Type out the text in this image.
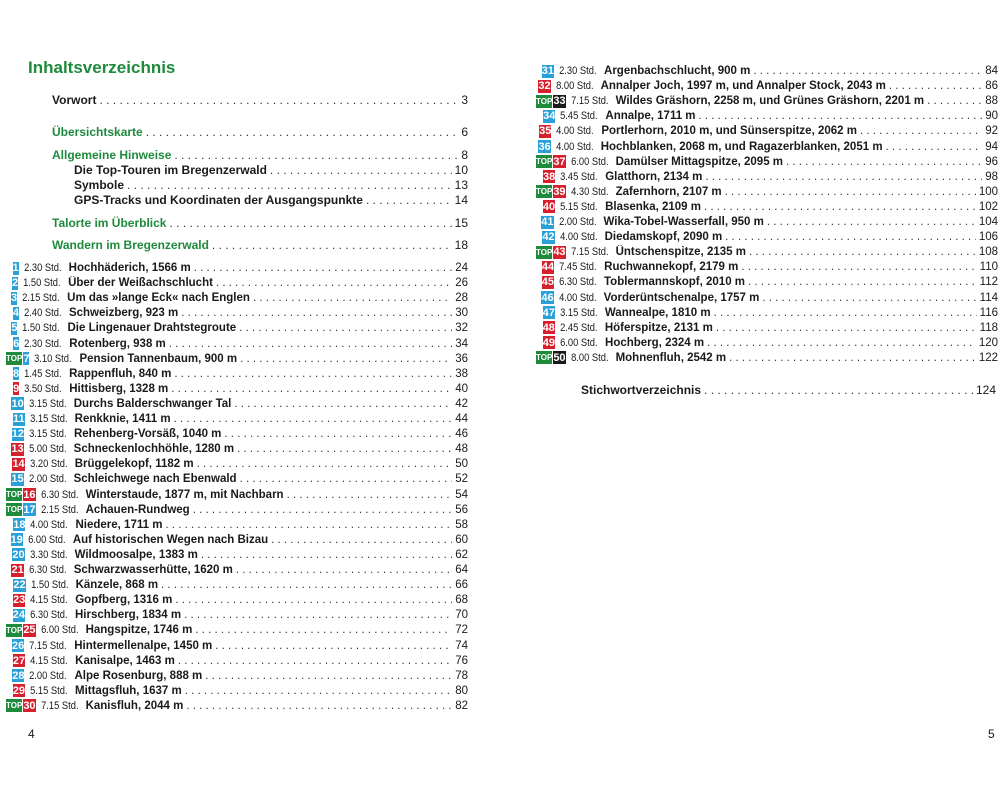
Inhaltsverzeichnis
Vorwort . . .	3
Übersichtskarte . . .	6
Allgemeine Hinweise . . .	8
Die Top-Touren im Bregenzerwald . . .	10
Symbole . . .	13
GPS-Tracks und Koordinaten der Ausgangspunkte . . .	14
Talorte im Überblick . . .	15
Wandern im Bregenzerwald . . .	18
1 2.30 Std. Hochhäderich, 1566 m . . .	24
2 1.50 Std. Über der Weißachschlucht . . .	26
3 2.15 Std. Um das »lange Eck« nach Englen . . .	28
4 2.40 Std. Schweizberg, 923 m . . .	30
5 1.50 Std. Die Lingenauer Drahtstegroute . . .	32
6 2.30 Std. Rotenberg, 938 m . . .	34
TOP 7 3.10 Std. Pension Tannenbaum, 900 m . . .	36
8 1.45 Std. Rappenfluh, 840 m . . .	38
9 3.50 Std. Hittisberg, 1328 m . . .	40
10 3.15 Std. Durchs Balderschwanger Tal . . .	42
11 3.15 Std. Renkknie, 1411 m . . .	44
12 3.15 Std. Rehenberg-Vorsäß, 1040 m . . .	46
13 5.00 Std. Schneckenlochhöhle, 1280 m . . .	48
14 3.20 Std. Brüggelekopf, 1182 m . . .	50
15 2.00 Std. Schleichwege nach Ebenwald . . .	52
TOP 16 6.30 Std. Winterstaude, 1877 m, mit Nachbarn . . .	54
TOP 17 2.15 Std. Achauen-Rundweg . . .	56
18 4.00 Std. Niedere, 1711 m . . .	58
19 6.00 Std. Auf historischen Wegen nach Bizau . . .	60
20 3.30 Std. Wildmoosalpe, 1383 m . . .	62
21 6.30 Std. Schwarzwasserhütte, 1620 m . . .	64
22 1.50 Std. Känzele, 868 m . . .	66
23 4.15 Std. Gopfberg, 1316 m . . .	68
24 6.30 Std. Hirschberg, 1834 m . . .	70
TOP 25 6.00 Std. Hangspitze, 1746 m . . .	72
26 7.15 Std. Hintermellenalpe, 1450 m . . .	74
27 4.15 Std. Kanisalpe, 1463 m . . .	76
28 2.00 Std. Alpe Rosenburg, 888 m . . .	78
29 5.15 Std. Mittagsfluh, 1637 m . . .	80
TOP 30 7.15 Std. Kanisfluh, 2044 m . . .	82
4
31 2.30 Std. Argenbachschlucht, 900 m . . .	84
32 8.00 Std. Annalper Joch, 1997 m, und Annalper Stock, 2043 m . . .	86
TOP 33 7.15 Std. Wildes Gräshorn, 2258 m, und Grünes Gräshorn, 2201 m . . .	88
34 5.45 Std. Annalpe, 1711 m . . .	90
35 4.00 Std. Portlerhorn, 2010 m, und Sünserspitze, 2062 m . . .	92
36 4.00 Std. Hochblanken, 2068 m, und Ragazerblanken, 2051 m . . .	94
TOP 37 6.00 Std. Damülser Mittagspitze, 2095 m . . .	96
38 3.45 Std. Glatthorn, 2134 m . . .	98
TOP 39 4.30 Std. Zafernhorn, 2107 m . . .	100
40 5.15 Std. Blasenka, 2109 m . . .	102
41 2.00 Std. Wika-Tobel-Wasserfall, 950 m . . .	104
42 4.00 Std. Diedamskopf, 2090 m . . .	106
TOP 43 7.15 Std. Üntschenspitze, 2135 m . . .	108
44 7.45 Std. Ruchwannekopf, 2179 m . . .	110
45 6.30 Std. Toblermannskopf, 2010 m . . .	112
46 4.00 Std. Vorderüntschenalpe, 1757 m . . .	114
47 3.15 Std. Wannealpe, 1810 m . . .	116
48 2.45 Std. Höferspitze, 2131 m . . .	118
49 6.00 Std. Hochberg, 2324 m . . .	120
TOP 50 8.00 Std. Mohnenfluh, 2542 m . . .	122
Stichwortverzeichnis . . .	124
5
